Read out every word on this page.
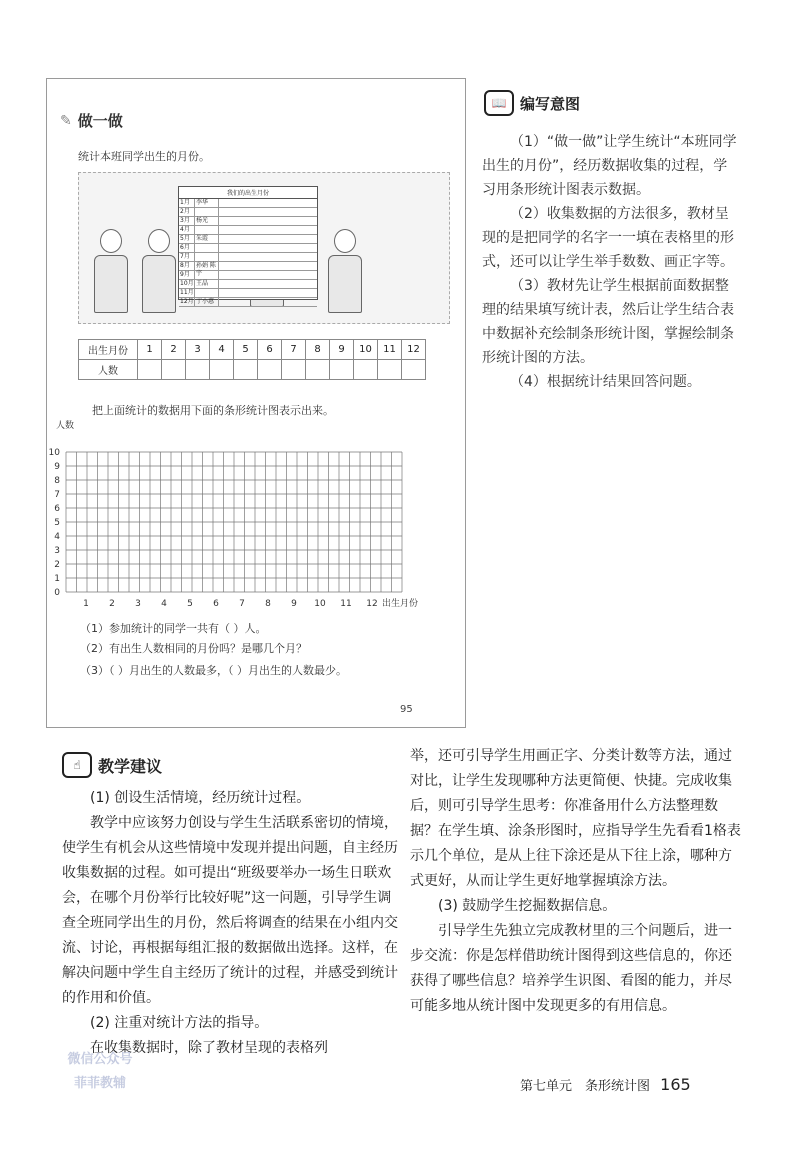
✎ 做一做
统计本班同学出生的月份。
我们的出生月份
1月	李华
2月
3月	杨光
4月
5月	朱霞
6月
7月
8月	孙娟 陈宇
9月
10月 王晶
11月
12月 丁小惠
出生月份	1	2	3	4	5	6	7	8	9	10	11	12
人数												
把上面统计的数据用下面的条形统计图表示出来。
0
1
2
3
4
5
6
7
8
9
10
1 2 3 4 5 6 7 8 9 10 11 12
人数
出生月份
（1）参加统计的同学一共有（ ）人。
（2）有出生人数相同的月份吗？是哪几个月？
（3）（ ）月出生的人数最多，（ ）月出生的人数最少。
95
📖 编写意图

（1）“做一做”让学生统计“本班同学出生的月份”，经历数据收集的过程，学习用条形统计图表示数据。

（2）收集数据的方法很多，教材呈现的是把同学的名字一一填在表格里的形式，还可以让学生举手数数、画正字等。

（3）教材先让学生根据前面数据整理的结果填写统计表，然后让学生结合表中数据补充绘制条形统计图，掌握绘制条形统计图的方法。

（4）根据统计结果回答问题。

☝	教学建议

(1) 创设生活情境，经历统计过程。

教学中应该努力创设与学生生活联系密切的情境，使学生有机会从这些情境中发现并提出问题，自主经历收集数据的过程。如可提出“班级要举办一场生日联欢会，在哪个月份举行比较好呢”这一问题，引导学生调查全班同学出生的月份，然后将调查的结果在小组内交流、讨论，再根据每组汇报的数据做出选择。这样，在解决问题中学生自主经历了统计的过程，并感受到统计的作用和价值。

(2) 注重对统计方法的指导。

在收集数据时，除了教材呈现的表格列

举，还可引导学生用画正字、分类计数等方法，通过对比，让学生发现哪种方法更简便、快捷。完成收集后，则可引导学生思考：你准备用什么方法整理数据？在学生填、涂条形图时，应指导学生先看看1格表示几个单位，是从上往下涂还是从下往上涂，哪种方式更好，从而让学生更好地掌握填涂方法。

(3) 鼓励学生挖掘数据信息。

引导学生先独立完成教材里的三个问题后，进一步交流：你是怎样借助统计图得到这些信息的，你还获得了哪些信息？培养学生识图、看图的能力，并尽可能多地从统计图中发现更多的有用信息。

微信公众号
菲菲教辅	第七单元　条形统计图 165
